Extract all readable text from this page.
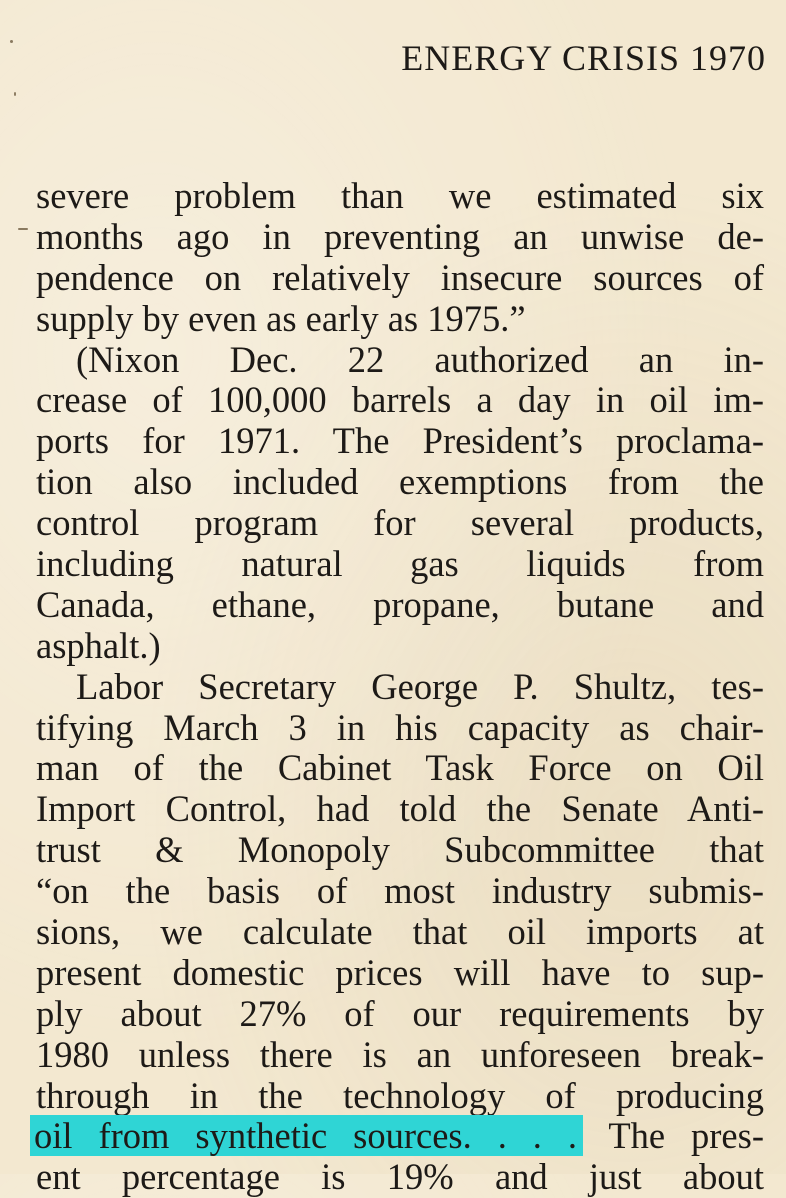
ENERGY CRISIS 1970
severe problem than we estimated six
months ago in preventing an unwise de-
pendence on relatively insecure sources of
supply by even as early as 1975.”
(Nixon Dec. 22 authorized an in-
crease of 100,000 barrels a day in oil im-
ports for 1971. The President’s proclama-
tion also included exemptions from the
control program for several products,
including natural gas liquids from
Canada, ethane, propane, butane and
asphalt.)
Labor Secretary George P. Shultz, tes-
tifying March 3 in his capacity as chair-
man of the Cabinet Task Force on Oil
Import Control, had told the Senate Anti-
trust & Monopoly Subcommittee that
“on the basis of most industry submis-
sions, we calculate that oil imports at
present domestic prices will have to sup-
ply about 27% of our requirements by
1980 unless there is an unforeseen break-
through in the technology of producing
oil from synthetic sources. . . . The pres-
ent percentage is 19% and just about
